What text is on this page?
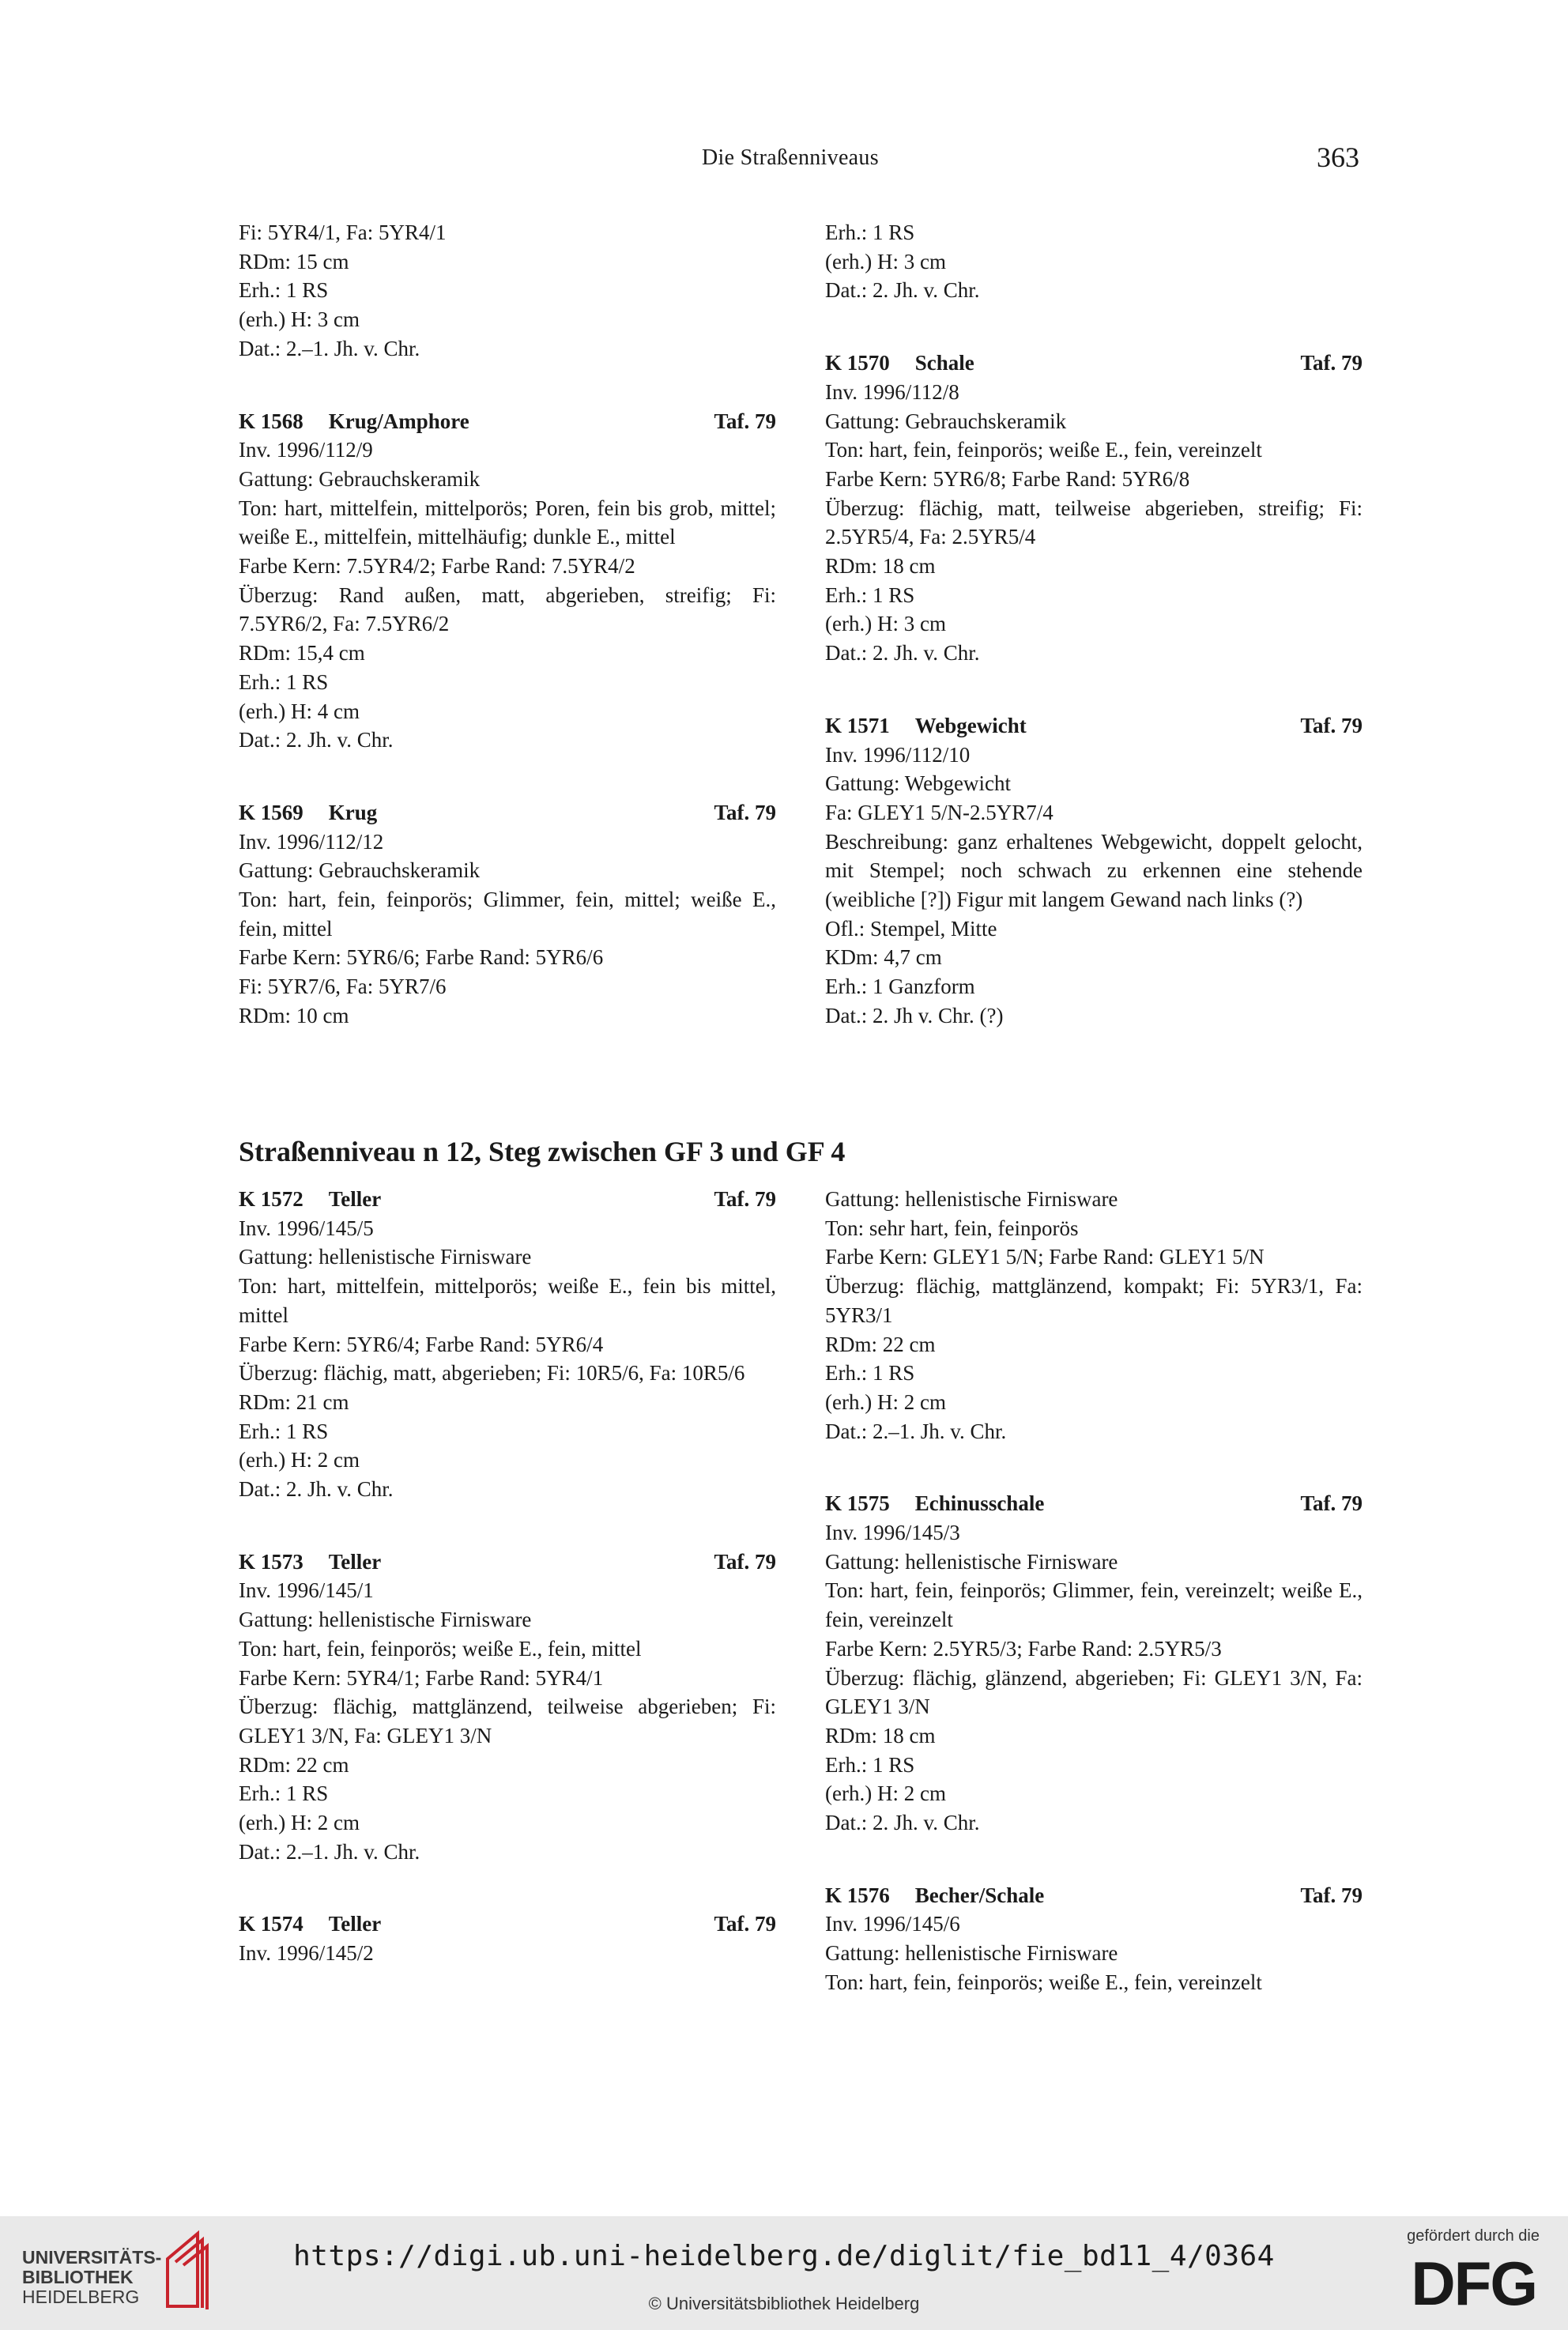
Die Straßenniveaus	363

Fi: 5YR4/1, Fa: 5YR4/1

RDm: 15 cm

Erh.: 1 RS

(erh.) H: 3 cm

Dat.: 2.–1. Jh. v. Chr.

K 1568 Krug/Amphore	Taf. 79

Inv. 1996/112/9

Gattung: Gebrauchskeramik

Ton: hart, mittelfein, mittelporös; Poren, fein bis grob, mittel; weiße E., mittelfein, mittelhäufig; dunkle E., mittel

Farbe Kern: 7.5YR4/2; Farbe Rand: 7.5YR4/2

Überzug: Rand außen, matt, abgerieben, streifig; Fi: 7.5YR6/2, Fa: 7.5YR6/2

RDm: 15,4 cm

Erh.: 1 RS

(erh.) H: 4 cm

Dat.: 2. Jh. v. Chr.

K 1569 Krug	Taf. 79

Inv. 1996/112/12

Gattung: Gebrauchskeramik

Ton: hart, fein, feinporös; Glimmer, fein, mittel; weiße E., fein, mittel

Farbe Kern: 5YR6/6; Farbe Rand: 5YR6/6

Fi: 5YR7/6, Fa: 5YR7/6

RDm: 10 cm

Erh.: 1 RS

(erh.) H: 3 cm

Dat.: 2. Jh. v. Chr.

K 1570 Schale	Taf. 79

Inv. 1996/112/8

Gattung: Gebrauchskeramik

Ton: hart, fein, feinporös; weiße E., fein, vereinzelt

Farbe Kern: 5YR6/8; Farbe Rand: 5YR6/8

Überzug: flächig, matt, teilweise abgerieben, streifig; Fi: 2.5YR5/4, Fa: 2.5YR5/4

RDm: 18 cm

Erh.: 1 RS

(erh.) H: 3 cm

Dat.: 2. Jh. v. Chr.

K 1571 Webgewicht	Taf. 79

Inv. 1996/112/10

Gattung: Webgewicht

Fa: GLEY1 5/N-2.5YR7/4

Beschreibung: ganz erhaltenes Webgewicht, doppelt gelocht, mit Stempel; noch schwach zu erkennen eine stehende (weibliche [?]) Figur mit langem Gewand nach links (?)

Ofl.: Stempel, Mitte

KDm: 4,7 cm

Erh.: 1 Ganzform

Dat.: 2. Jh v. Chr. (?)

Straßenniveau n 12, Steg zwischen GF 3 und GF 4
K 1572 Teller	Taf. 79

Inv. 1996/145/5

Gattung: hellenistische Firnisware

Ton: hart, mittelfein, mittelporös; weiße E., fein bis mittel, mittel

Farbe Kern: 5YR6/4; Farbe Rand: 5YR6/4

Überzug: flächig, matt, abgerieben; Fi: 10R5/6, Fa: 10R5/6

RDm: 21 cm

Erh.: 1 RS

(erh.) H: 2 cm

Dat.: 2. Jh. v. Chr.

K 1573 Teller	Taf. 79

Inv. 1996/145/1

Gattung: hellenistische Firnisware

Ton: hart, fein, feinporös; weiße E., fein, mittel

Farbe Kern: 5YR4/1; Farbe Rand: 5YR4/1

Überzug: flächig, mattglänzend, teilweise abgerieben; Fi: GLEY1 3/N, Fa: GLEY1 3/N

RDm: 22 cm

Erh.: 1 RS

(erh.) H: 2 cm

Dat.: 2.–1. Jh. v. Chr.

K 1574 Teller	Taf. 79

Inv. 1996/145/2

Gattung: hellenistische Firnisware

Ton: sehr hart, fein, feinporös

Farbe Kern: GLEY1 5/N; Farbe Rand: GLEY1 5/N

Überzug: flächig, mattglänzend, kompakt; Fi: 5YR3/1, Fa: 5YR3/1

RDm: 22 cm

Erh.: 1 RS

(erh.) H: 2 cm

Dat.: 2.–1. Jh. v. Chr.

K 1575 Echinusschale	Taf. 79

Inv. 1996/145/3

Gattung: hellenistische Firnisware

Ton: hart, fein, feinporös; Glimmer, fein, vereinzelt; weiße E., fein, vereinzelt

Farbe Kern: 2.5YR5/3; Farbe Rand: 2.5YR5/3

Überzug: flächig, glänzend, abgerieben; Fi: GLEY1 3/N, Fa: GLEY1 3/N

RDm: 18 cm

Erh.: 1 RS

(erh.) H: 2 cm

Dat.: 2. Jh. v. Chr.

K 1576 Becher/Schale	Taf. 79

Inv. 1996/145/6

Gattung: hellenistische Firnisware

Ton: hart, fein, feinporös; weiße E., fein, vereinzelt

UNIVERSITÄTS-
BIBLIOTHEK
HEIDELBERG
https://digi.ub.uni-heidelberg.de/diglit/fie_bd11_4/0364
© Universitätsbibliothek Heidelberg
gefördert durch die
DFG
